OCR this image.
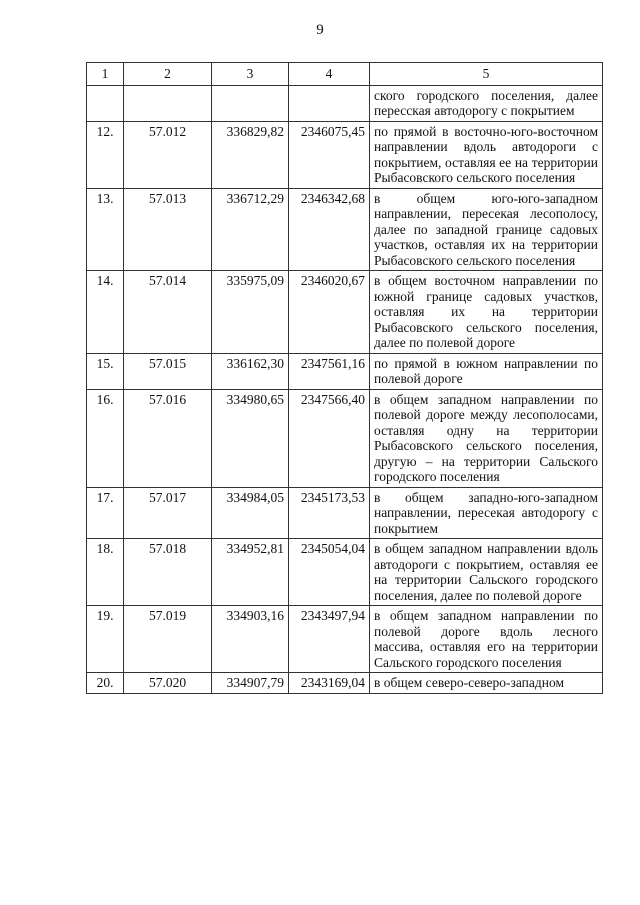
9
1	2	3	4	5
				ского городского поселения, далее пересская автодорогу с покрытием
12.	57.012	336829,82	2346075,45	по прямой в восточно-юго-восточном направлении вдоль автодороги с покрытием, оставляя ее на территории Рыбасовского сельского поселения
13.	57.013	336712,29	2346342,68	в общем юго-юго-западном направлении, пересекая лесополосу, далее по западной границе садовых участков, оставляя их на территории Рыбасовского сельского поселения
14.	57.014	335975,09	2346020,67	в общем восточном направлении по южной границе садовых участков, оставляя их на территории Рыбасовского сельского поселения, далее по полевой дороге
15.	57.015	336162,30	2347561,16	по прямой в южном направлении по полевой дороге
16.	57.016	334980,65	2347566,40	в общем западном направлении по полевой дороге между лесополосами, оставляя одну на территории Рыбасовского сельского поселения, другую – на территории Сальского городского поселения
17.	57.017	334984,05	2345173,53	в общем западно-юго-западном направлении, пересекая автодорогу с покрытием
18.	57.018	334952,81	2345054,04	в общем западном направлении вдоль автодороги с покрытием, оставляя ее на территории Сальского городского поселения, далее по полевой дороге
19.	57.019	334903,16	2343497,94	в общем западном направлении по полевой дороге вдоль лесного массива, оставляя его на территории Сальского городского поселения
20.	57.020	334907,79	2343169,04	в общем северо-северо-западном
